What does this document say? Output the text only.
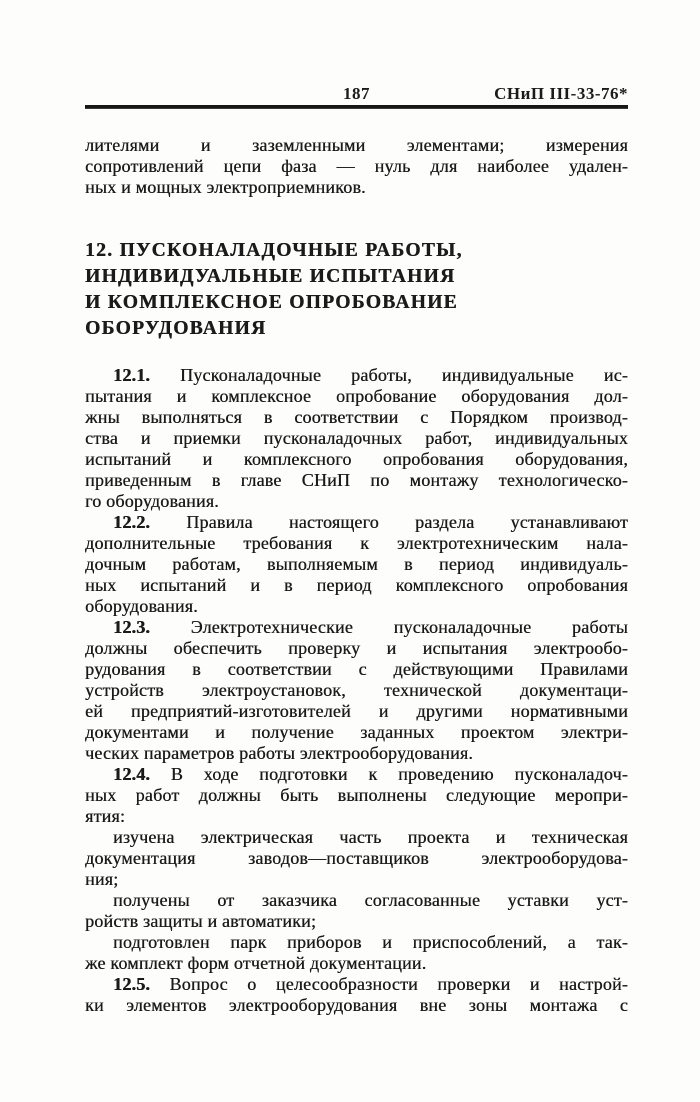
187	СНиП III-33-76*
лителями и заземленными элементами; измерения
сопротивлений цепи фаза — нуль для наиболее удален-
ных и мощных электроприемников.
12. ПУСКОНАЛАДОЧНЫЕ РАБОТЫ,
ИНДИВИДУАЛЬНЫЕ ИСПЫТАНИЯ
И КОМПЛЕКСНОЕ ОПРОБОВАНИЕ
ОБОРУДОВАНИЯ
12.1. Пусконаладочные работы, индивидуальные ис-
пытания и комплексное опробование оборудования дол-
жны выполняться в соответствии с Порядком производ-
ства и приемки пусконаладочных работ, индивидуальных
испытаний и комплексного опробования оборудования,
приведенным в главе СНиП по монтажу технологическо-
го оборудования.
12.2. Правила настоящего раздела устанавливают
дополнительные требования к электротехническим нала-
дочным работам, выполняемым в период индивидуаль-
ных испытаний и в период комплексного опробования
оборудования.
12.3. Электротехнические пусконаладочные работы
должны обеспечить проверку и испытания электрообо-
рудования в соответствии с действующими Правилами
устройств электроустановок, технической документаци-
ей предприятий-изготовителей и другими нормативными
документами и получение заданных проектом электри-
ческих параметров работы электрооборудования.
12.4. В ходе подготовки к проведению пусконаладоч-
ных работ должны быть выполнены следующие меропри-
ятия:
изучена электрическая часть проекта и техническая
документация заводов—поставщиков электрооборудова-
ния;
получены от заказчика согласованные уставки уст-
ройств защиты и автоматики;
подготовлен парк приборов и приспособлений, а так-
же комплект форм отчетной документации.
12.5. Вопрос о целесообразности проверки и настрой-
ки элементов электрооборудования вне зоны монтажа с
